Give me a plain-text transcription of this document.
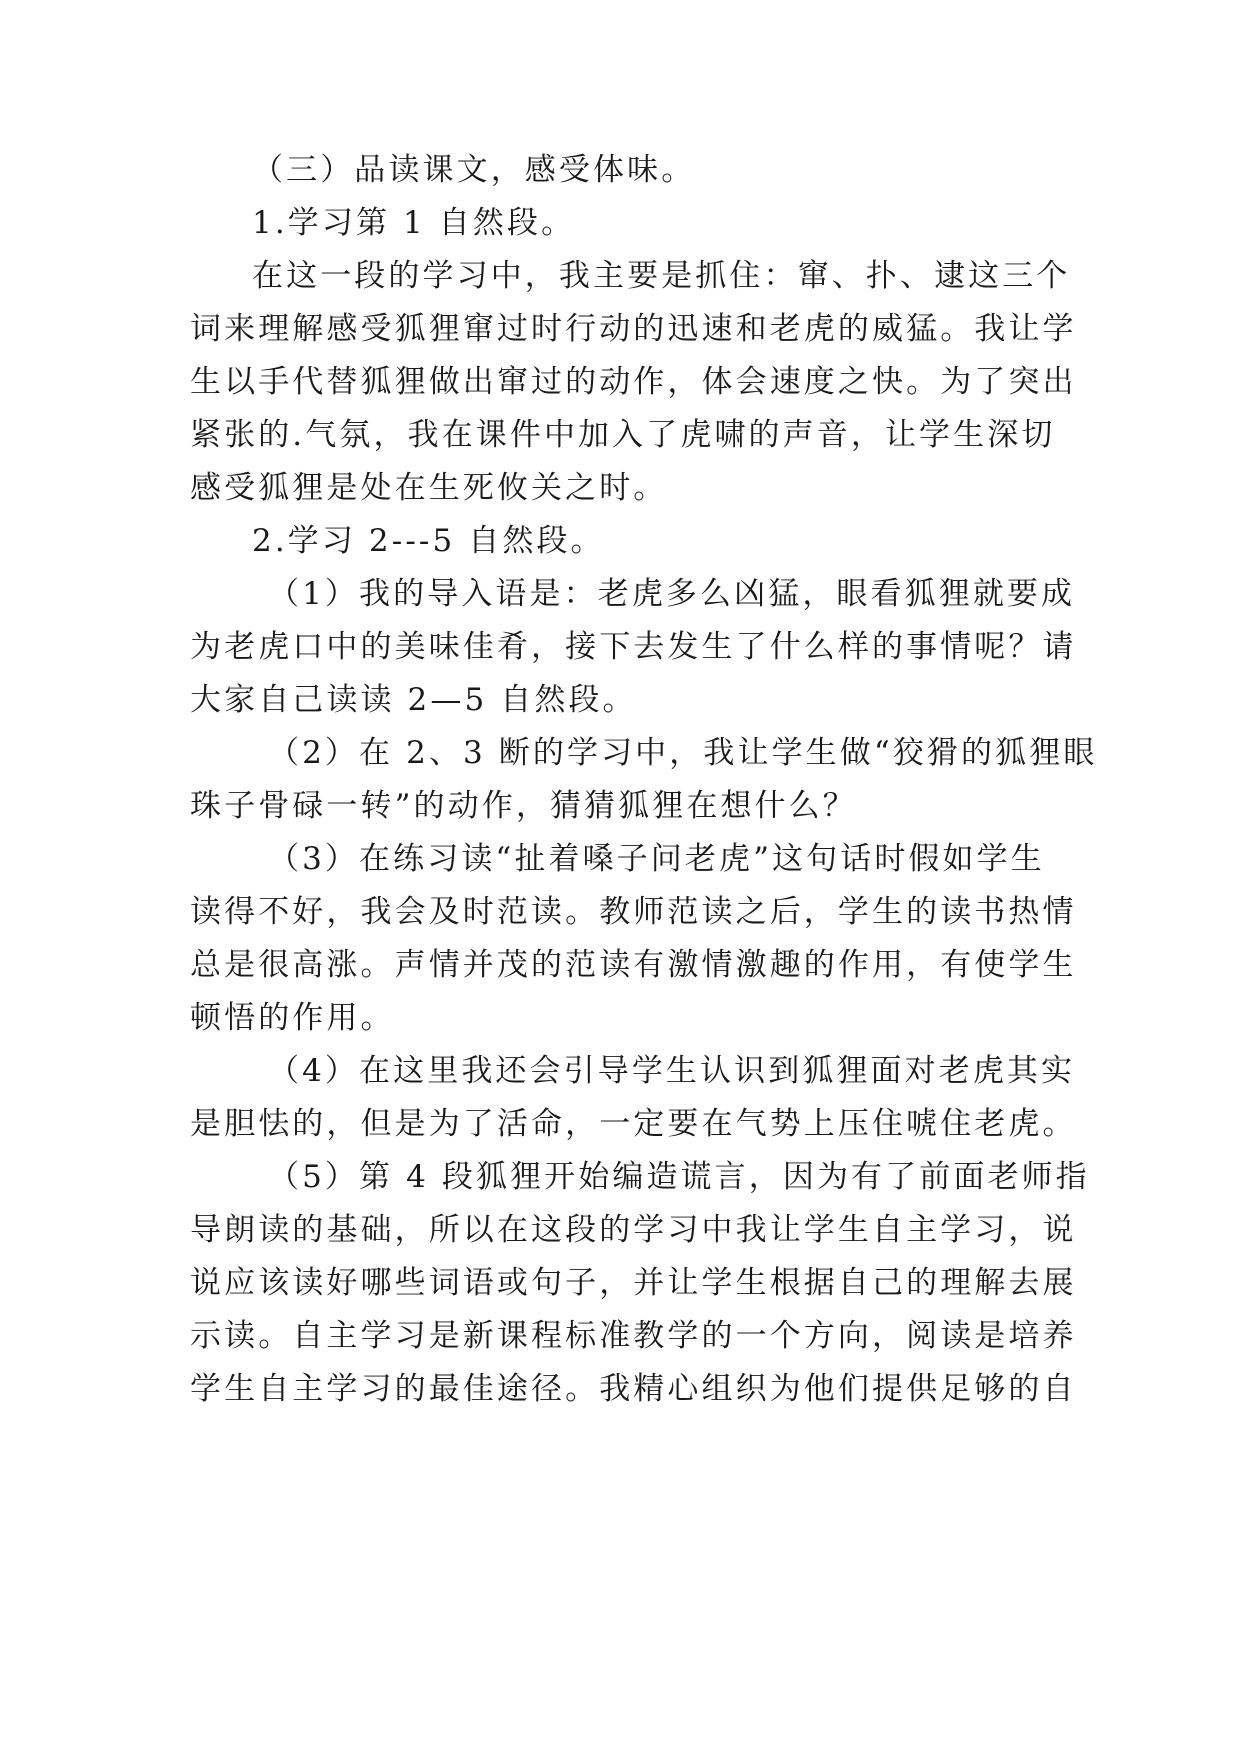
（三）品读课文，感受体味。
1.学习第 1 自然段。
在这一段的学习中，我主要是抓住：窜、扑、逮这三个
词来理解感受狐狸窜过时行动的迅速和老虎的威猛。我让学
生以手代替狐狸做出窜过的动作，体会速度之快。为了突出
紧张的.气氛，我在课件中加入了虎啸的声音，让学生深切
感受狐狸是处在生死攸关之时。
2.学习 2---5 自然段。
（1）我的导入语是：老虎多么凶猛，眼看狐狸就要成
为老虎口中的美味佳肴，接下去发生了什么样的事情呢？请
大家自己读读 2—5 自然段。
（2）在 2、3 断的学习中，我让学生做“狡猾的狐狸眼
珠子骨碌一转”的动作，猜猜狐狸在想什么？
（3）在练习读“扯着嗓子问老虎”这句话时假如学生
读得不好，我会及时范读。教师范读之后，学生的读书热情
总是很高涨。声情并茂的范读有激情激趣的作用，有使学生
顿悟的作用。
（4）在这里我还会引导学生认识到狐狸面对老虎其实
是胆怯的，但是为了活命，一定要在气势上压住唬住老虎。
（5）第 4 段狐狸开始编造谎言，因为有了前面老师指
导朗读的基础，所以在这段的学习中我让学生自主学习，说
说应该读好哪些词语或句子，并让学生根据自己的理解去展
示读。自主学习是新课程标准教学的一个方向，阅读是培养
学生自主学习的最佳途径。我精心组织为他们提供足够的自
